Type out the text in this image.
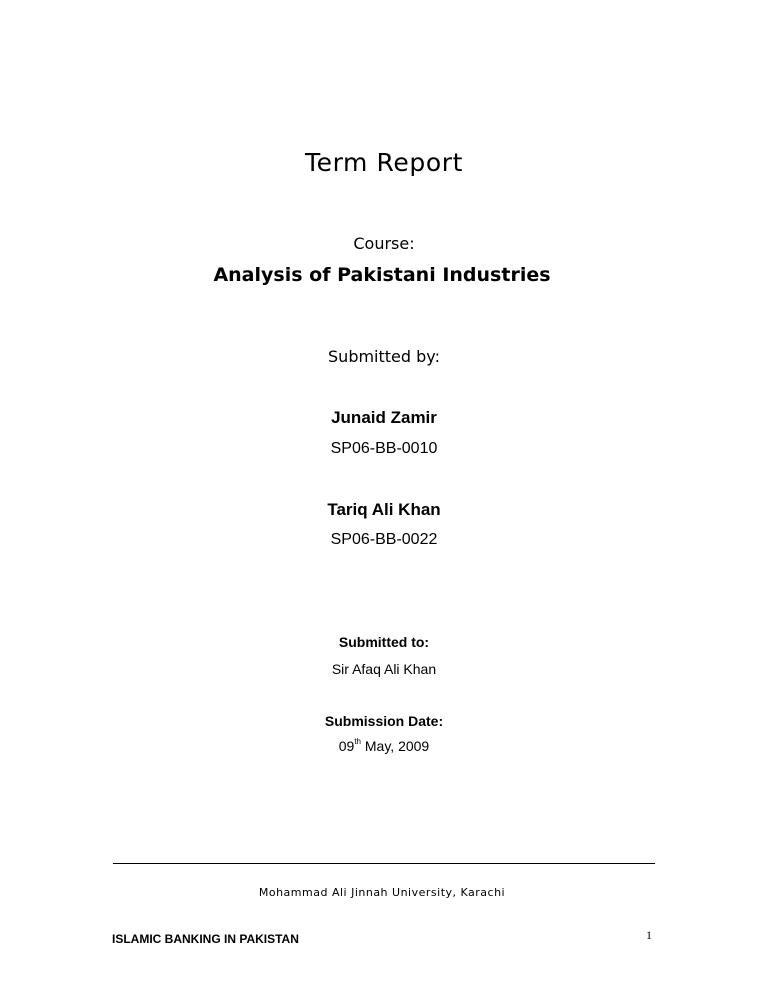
Term Report
Course:
Analysis of Pakistani Industries
Submitted by:
Junaid Zamir
SP06-BB-0010
Tariq Ali Khan
SP06-BB-0022
Submitted to:
Sir Afaq Ali Khan
Submission Date:
09th May, 2009
Mohammad Ali Jinnah University, Karachi
ISLAMIC BANKING IN PAKISTAN	1
